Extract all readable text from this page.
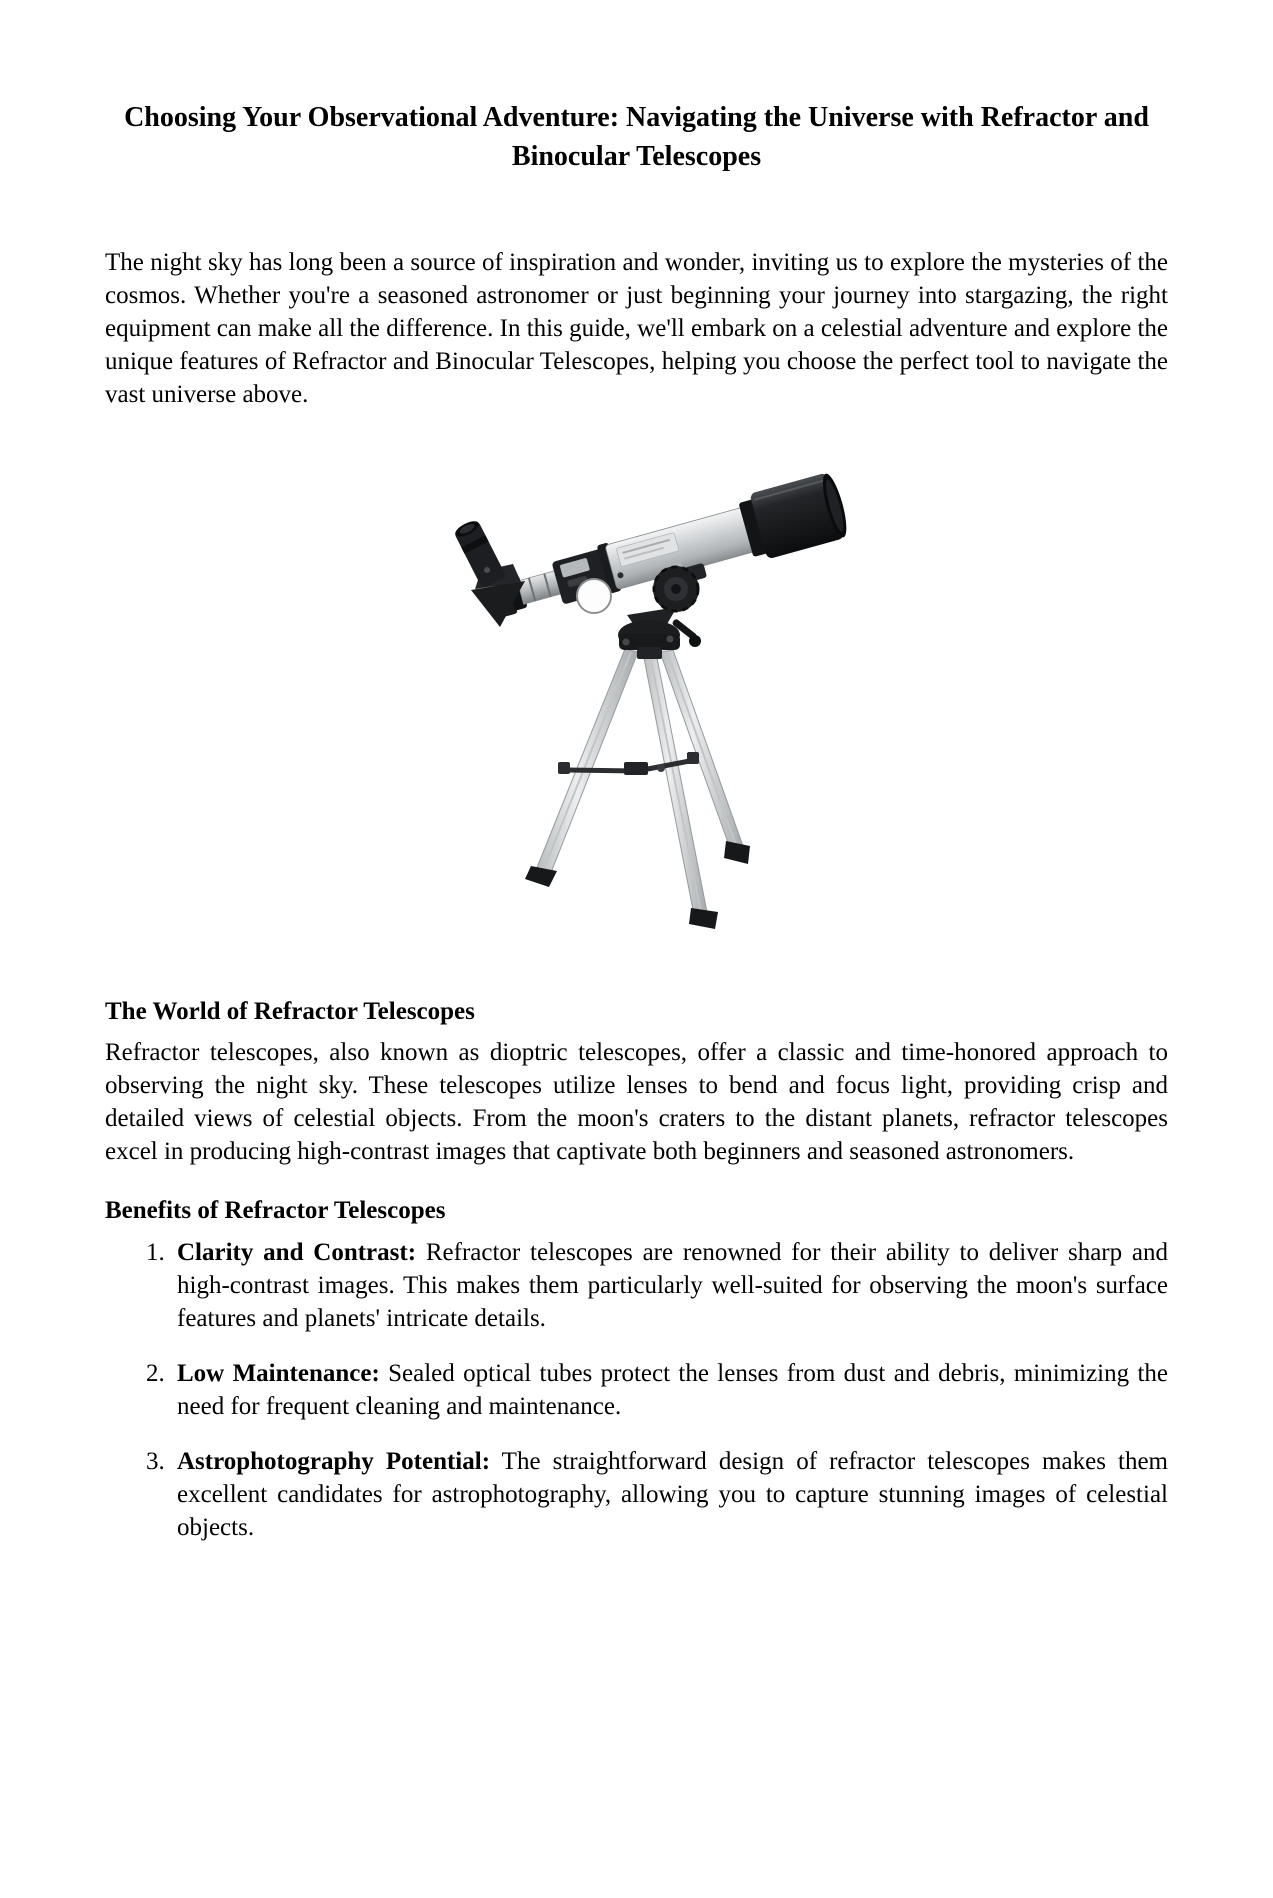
Choosing Your Observational Adventure: Navigating the Universe with Refractor and Binocular Telescopes

The night sky has long been a source of inspiration and wonder, inviting us to explore the mysteries of the cosmos. Whether you're a seasoned astronomer or just beginning your journey into stargazing, the right equipment can make all the difference. In this guide, we'll embark on a celestial adventure and explore the unique features of Refractor and Binocular Telescopes, helping you choose the perfect tool to navigate the vast universe above.

The World of Refractor Telescopes

Refractor telescopes, also known as dioptric telescopes, offer a classic and time-honored approach to observing the night sky. These telescopes utilize lenses to bend and focus light, providing crisp and detailed views of celestial objects. From the moon's craters to the distant planets, refractor telescopes excel in producing high-contrast images that captivate both beginners and seasoned astronomers.

Benefits of Refractor Telescopes
1. Clarity and Contrast: Refractor telescopes are renowned for their ability to deliver sharp and high-contrast images. This makes them particularly well-suited for observing the moon's surface features and planets' intricate details.
2. Low Maintenance: Sealed optical tubes protect the lenses from dust and debris, minimizing the need for frequent cleaning and maintenance.
3. Astrophotography Potential: The straightforward design of refractor telescopes makes them excellent candidates for astrophotography, allowing you to capture stunning images of celestial objects.
